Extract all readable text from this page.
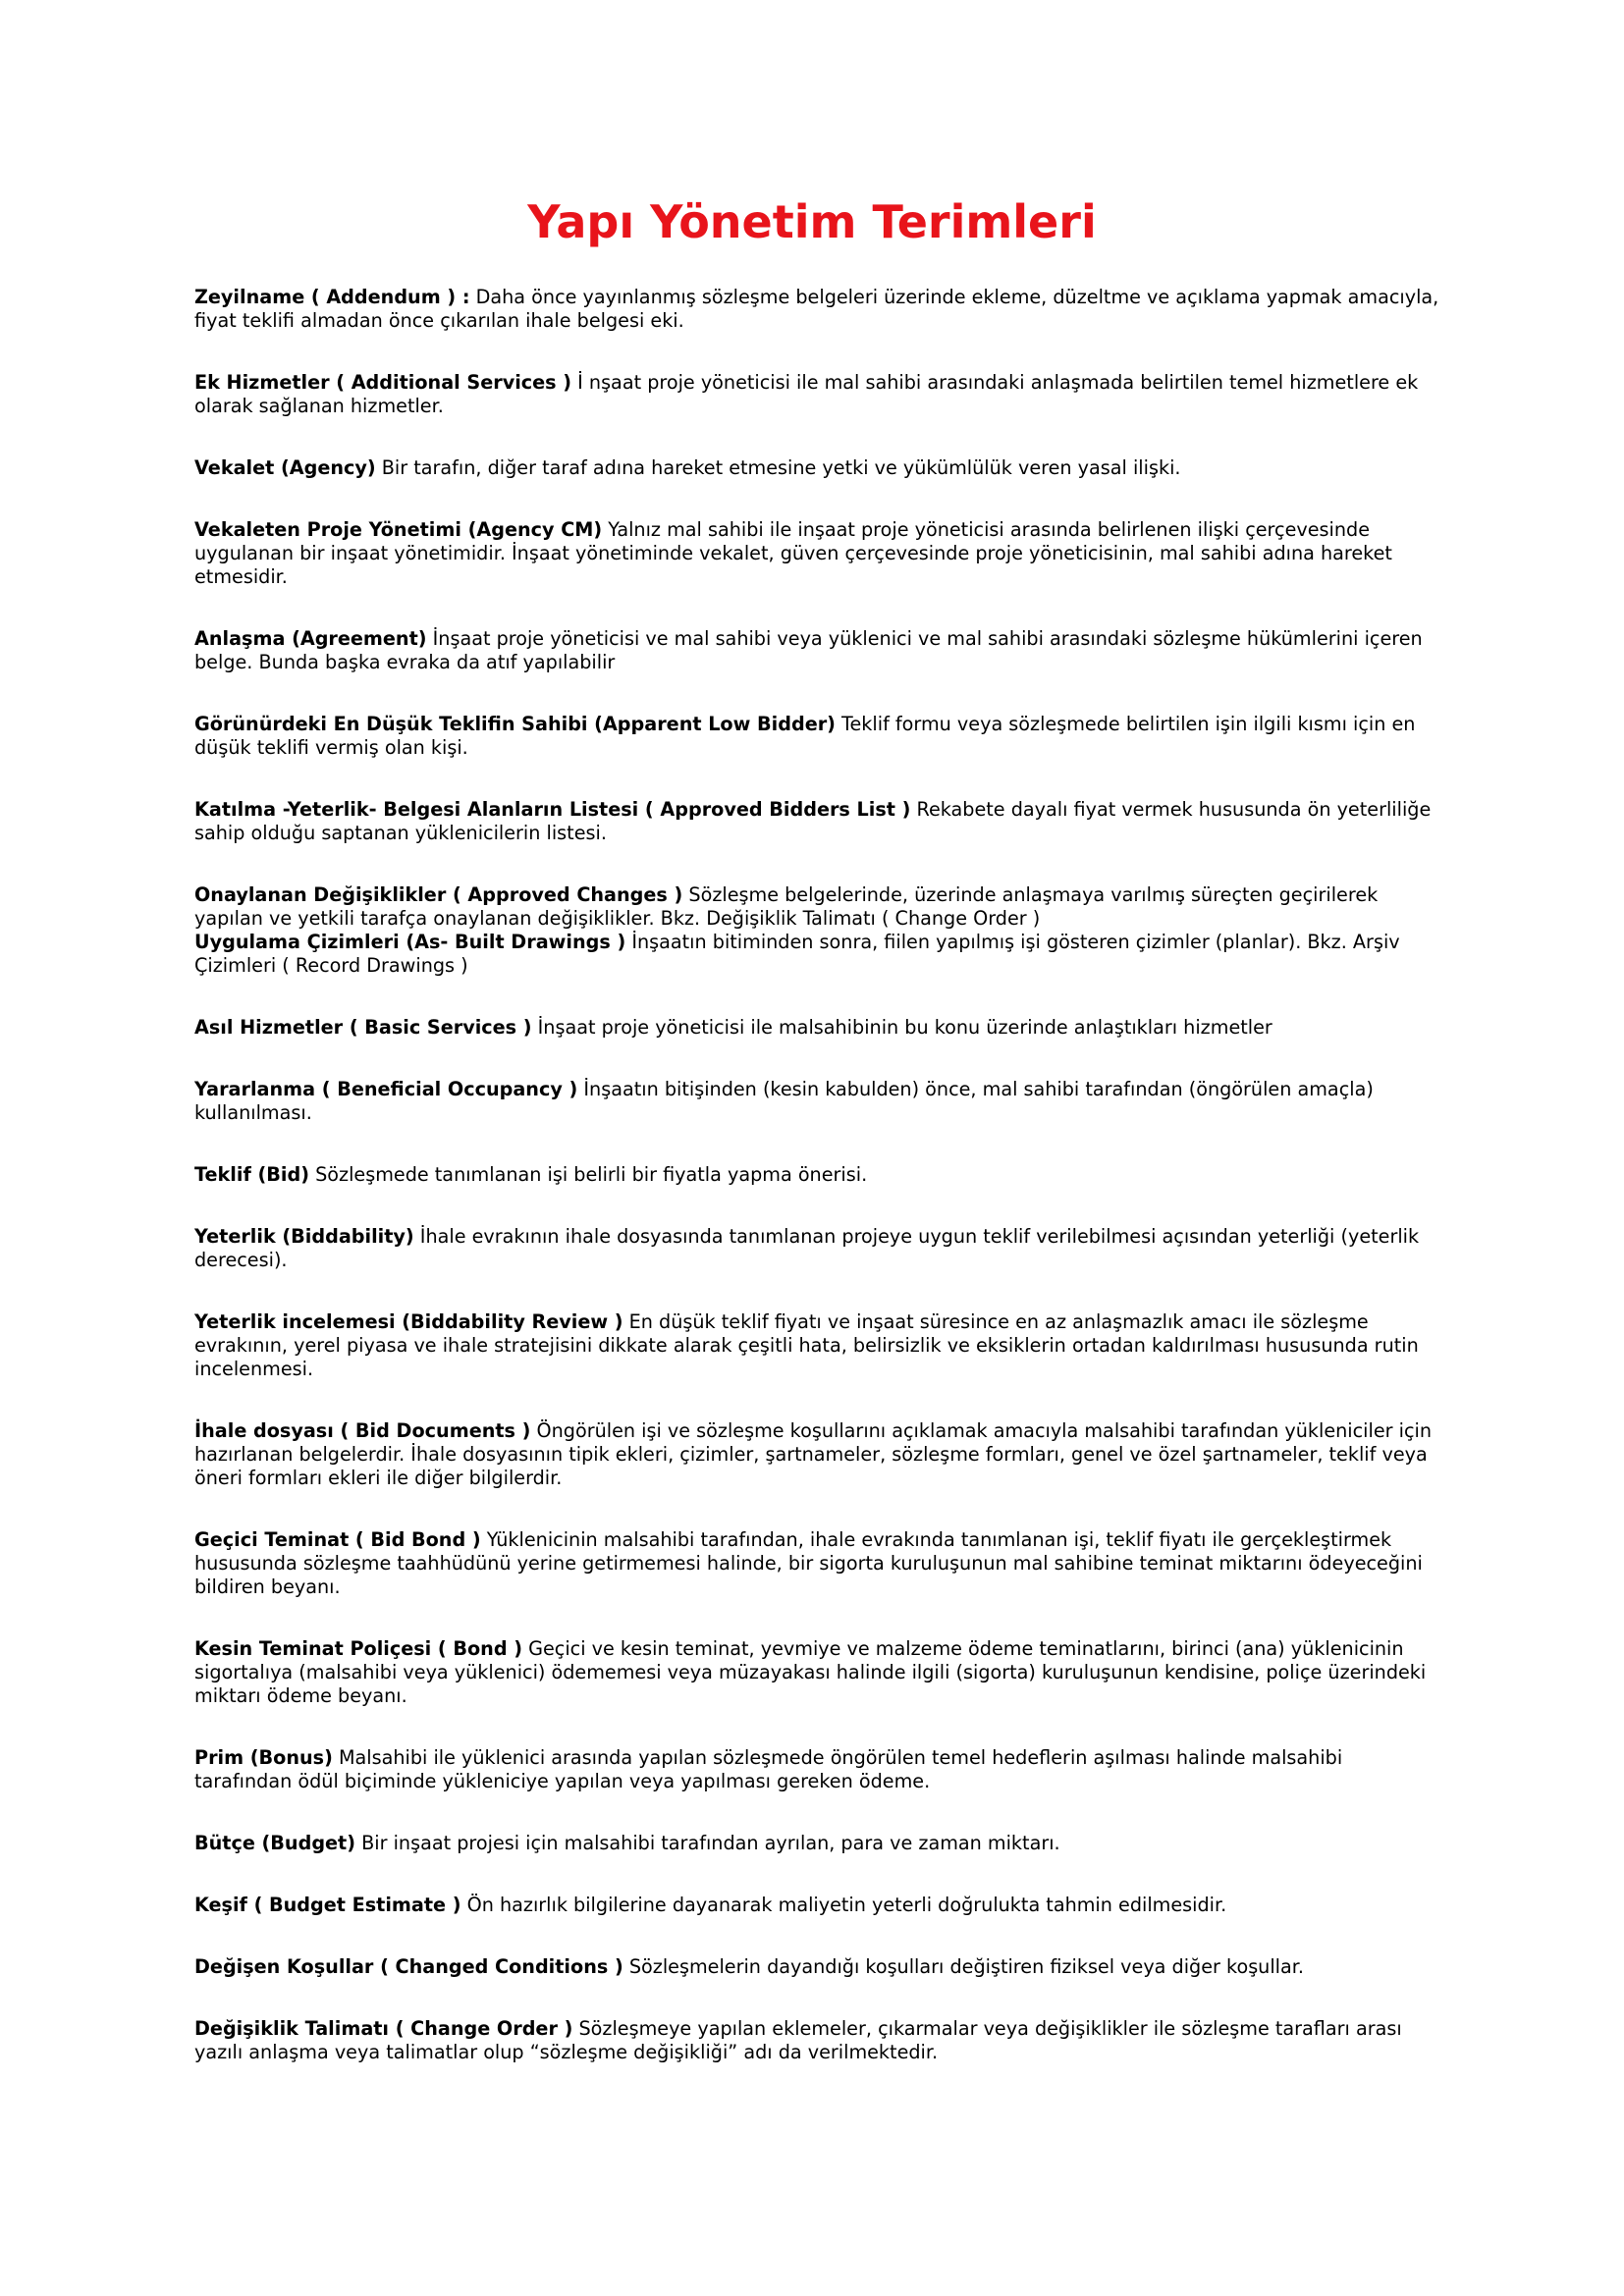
Yapı Yönetim Terimleri

Zeyilname ( Addendum ) : Daha önce yayınlanmış sözleşme belgeleri üzerinde ekleme, düzeltme ve açıklama yapmak amacıyla, fiyat teklifi almadan önce çıkarılan ihale belgesi eki.

Ek Hizmetler ( Additional Services ) İ nşaat proje yöneticisi ile mal sahibi arasındaki anlaşmada belirtilen temel hizmetlere ek olarak sağlanan hizmetler.

Vekalet (Agency) Bir tarafın, diğer taraf adına hareket etmesine yetki ve yükümlülük veren yasal ilişki.

Vekaleten Proje Yönetimi (Agency CM) Yalnız mal sahibi ile inşaat proje yöneticisi arasında belirlenen ilişki çerçevesinde uygulanan bir inşaat yönetimidir. İnşaat yönetiminde vekalet, güven çerçevesinde proje yöneticisinin, mal sahibi adına hareket etmesidir.

Anlaşma (Agreement) İnşaat proje yöneticisi ve mal sahibi veya yüklenici ve mal sahibi arasındaki sözleşme hükümlerini içeren belge. Bunda başka evraka da atıf yapılabilir

Görünürdeki En Düşük Teklifin Sahibi (Apparent Low Bidder) Teklif formu veya sözleşmede belirtilen işin ilgili kısmı için en düşük teklifi vermiş olan kişi.

Katılma -Yeterlik- Belgesi Alanların Listesi ( Approved Bidders List ) Rekabete dayalı fiyat vermek hususunda ön yeterliliğe sahip olduğu saptanan yüklenicilerin listesi.

Onaylanan Değişiklikler ( Approved Changes ) Sözleşme belgelerinde, üzerinde anlaşmaya varılmış süreçten geçirilerek yapılan ve yetkili tarafça onaylanan değişiklikler. Bkz. Değişiklik Talimatı ( Change Order )

Uygulama Çizimleri (As- Built Drawings ) İnşaatın bitiminden sonra, fiilen yapılmış işi gösteren çizimler (planlar). Bkz. Arşiv Çizimleri ( Record Drawings )

Asıl Hizmetler ( Basic Services ) İnşaat proje yöneticisi ile malsahibinin bu konu üzerinde anlaştıkları hizmetler

Yararlanma ( Beneficial Occupancy ) İnşaatın bitişinden (kesin kabulden) önce, mal sahibi tarafından (öngörülen amaçla) kullanılması.

Teklif (Bid) Sözleşmede tanımlanan işi belirli bir fiyatla yapma önerisi.

Yeterlik (Biddability) İhale evrakının ihale dosyasında tanımlanan projeye uygun teklif verilebilmesi açısından yeterliği (yeterlik derecesi).

Yeterlik incelemesi (Biddability Review ) En düşük teklif fiyatı ve inşaat süresince en az anlaşmazlık amacı ile sözleşme evrakının, yerel piyasa ve ihale stratejisini dikkate alarak çeşitli hata, belirsizlik ve eksiklerin ortadan kaldırılması hususunda rutin incelenmesi.

İhale dosyası ( Bid Documents ) Öngörülen işi ve sözleşme koşullarını açıklamak amacıyla malsahibi tarafından yükleniciler için hazırlanan belgelerdir. İhale dosyasının tipik ekleri, çizimler, şartnameler, sözleşme formları, genel ve özel şartnameler, teklif veya öneri formları ekleri ile diğer bilgilerdir.

Geçici Teminat ( Bid Bond ) Yüklenicinin malsahibi tarafından, ihale evrakında tanımlanan işi, teklif fiyatı ile gerçekleştirmek hususunda sözleşme taahhüdünü yerine getirmemesi halinde, bir sigorta kuruluşunun mal sahibine teminat miktarını ödeyeceğini bildiren beyanı.

Kesin Teminat Poliçesi ( Bond ) Geçici ve kesin teminat, yevmiye ve malzeme ödeme teminatlarını, birinci (ana) yüklenicinin sigortalıya (malsahibi veya yüklenici) ödememesi veya müzayakası halinde ilgili (sigorta) kuruluşunun kendisine, poliçe üzerindeki miktarı ödeme beyanı.

Prim (Bonus) Malsahibi ile yüklenici arasında yapılan sözleşmede öngörülen temel hedeflerin aşılması halinde malsahibi tarafından ödül biçiminde yükleniciye yapılan veya yapılması gereken ödeme.

Bütçe (Budget) Bir inşaat projesi için malsahibi tarafından ayrılan, para ve zaman miktarı.

Keşif ( Budget Estimate ) Ön hazırlık bilgilerine dayanarak maliyetin yeterli doğrulukta tahmin edilmesidir.

Değişen Koşullar ( Changed Conditions ) Sözleşmelerin dayandığı koşulları değiştiren fiziksel veya diğer koşullar.

Değişiklik Talimatı ( Change Order ) Sözleşmeye yapılan eklemeler, çıkarmalar veya değişiklikler ile sözleşme tarafları arası yazılı anlaşma veya talimatlar olup “sözleşme değişikliği” adı da verilmektedir.
